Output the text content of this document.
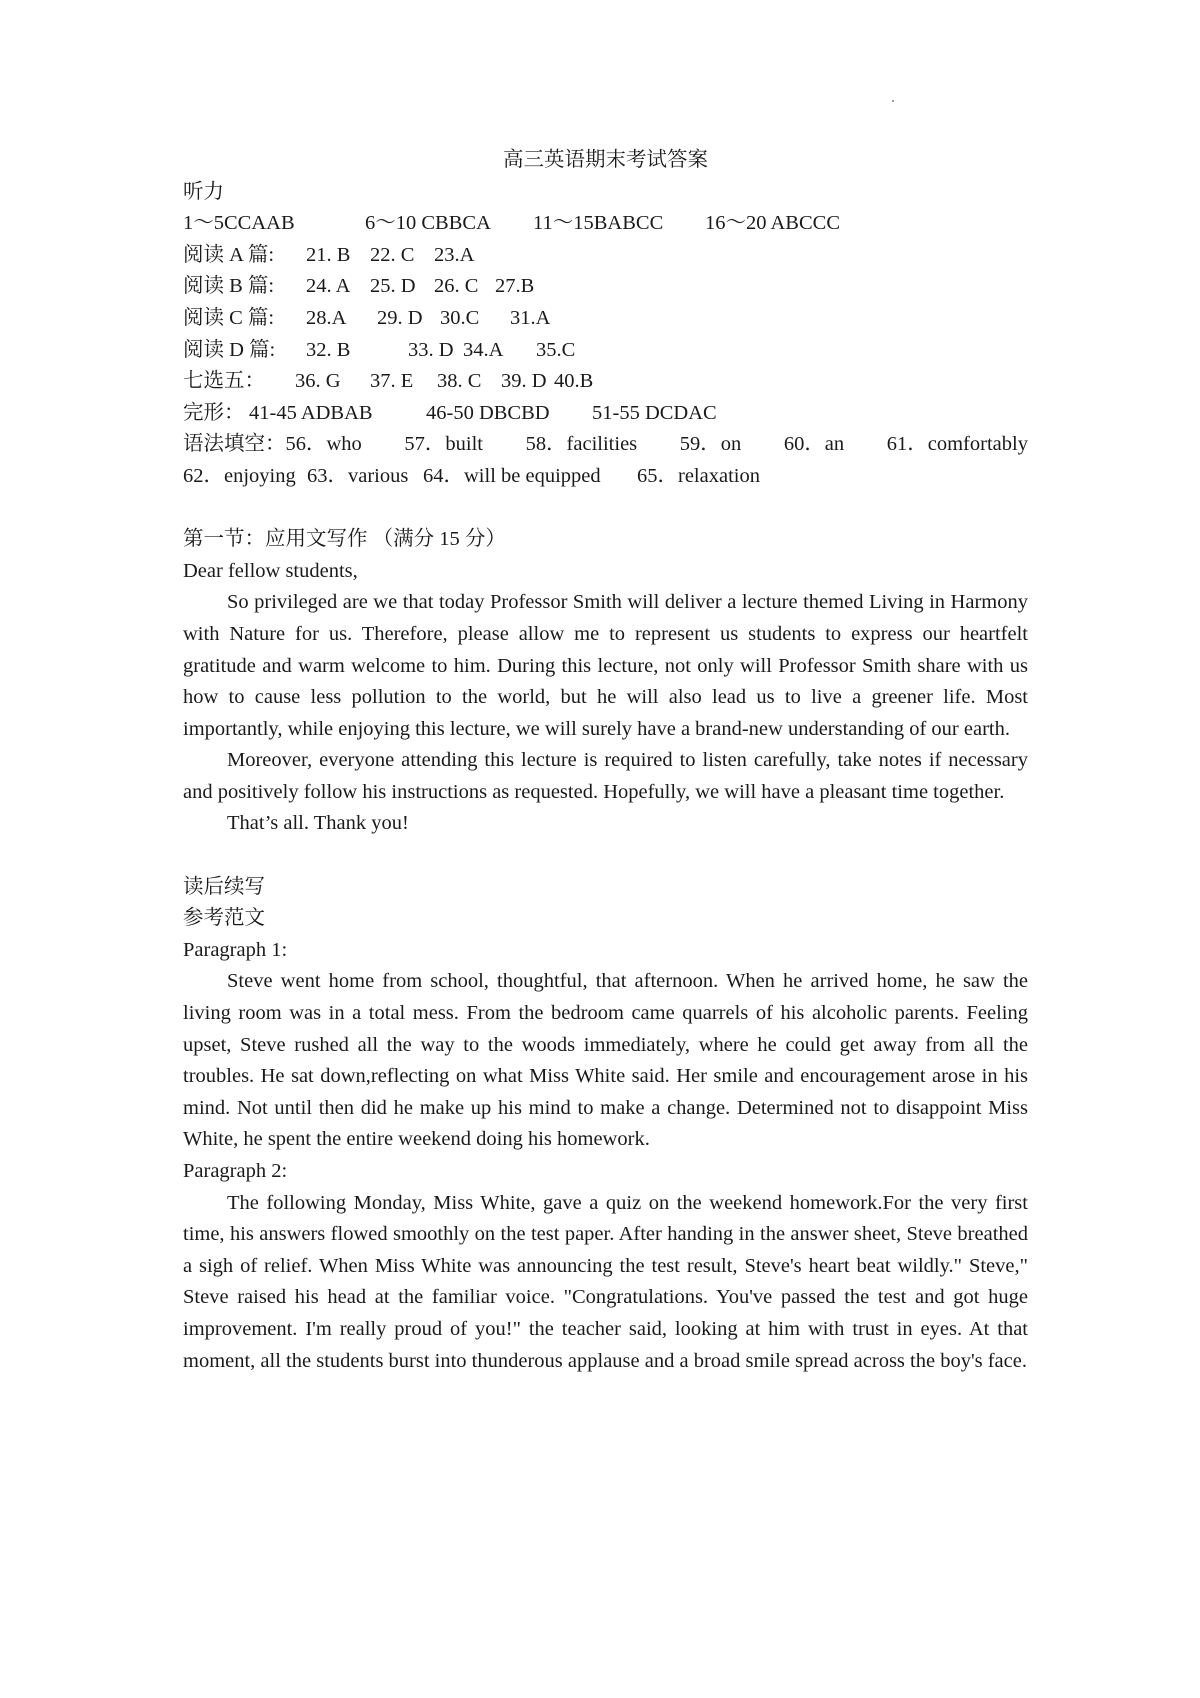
高三英语期末考试答案
听力
1～5CCAAB	6～10 CBBCA	11～15BABCC	16～20 ABCCC
阅读 A 篇:	21. B 22. C 23.A
阅读 B 篇:	24. A 25. D 26. C 27.B
阅读 C 篇:	28.A	29. D 30.C	31.A
阅读 D 篇:	32. B	33. D 34.A	35.C
七选五：	36. G	37. E	38. C 39. D 40.B
完形： 41-45 ADBAB	46-50 DBCBD	51-55 DCDAC
语法填空：56．who 57．built 58．facilities 59．on 60．an 61．comfortably
62．enjoying 63．various 64．will be equipped	65．relaxation
第一节：应用文写作 （满分 15 分）
Dear fellow students,

So privileged are we that today Professor Smith will deliver a lecture themed Living in Harmony with Nature for us. Therefore, please allow me to represent us students to express our heartfelt gratitude and warm welcome to him. During this lecture, not only will Professor Smith share with us how to cause less pollution to the world, but he will also lead us to live a greener life. Most importantly, while enjoying this lecture, we will surely have a brand-new understanding of our earth.

Moreover, everyone attending this lecture is required to listen carefully, take notes if necessary and positively follow his instructions as requested. Hopefully, we will have a pleasant time together.

That’s all. Thank you!

读后续写
参考范文
Paragraph 1:

Steve went home from school, thoughtful, that afternoon. When he arrived home, he saw the living room was in a total mess. From the bedroom came quarrels of his alcoholic parents. Feeling upset, Steve rushed all the way to the woods immediately, where he could get away from all the troubles. He sat down,reflecting on what Miss White said. Her smile and encouragement arose in his mind. Not until then did he make up his mind to make a change. Determined not to disappoint Miss White, he spent the entire weekend doing his homework.

Paragraph 2:

The following Monday, Miss White, gave a quiz on the weekend homework.For the very first time, his answers flowed smoothly on the test paper. After handing in the answer sheet, Steve breathed a sigh of relief. When Miss White was announcing the test result, Steve's heart beat wildly." Steve," Steve raised his head at the familiar voice. "Congratulations. You've passed the test and got huge improvement. I'm really proud of you!" the teacher said, looking at him with trust in eyes. At that moment, all the students burst into thunderous applause and a broad smile spread across the boy's face.
